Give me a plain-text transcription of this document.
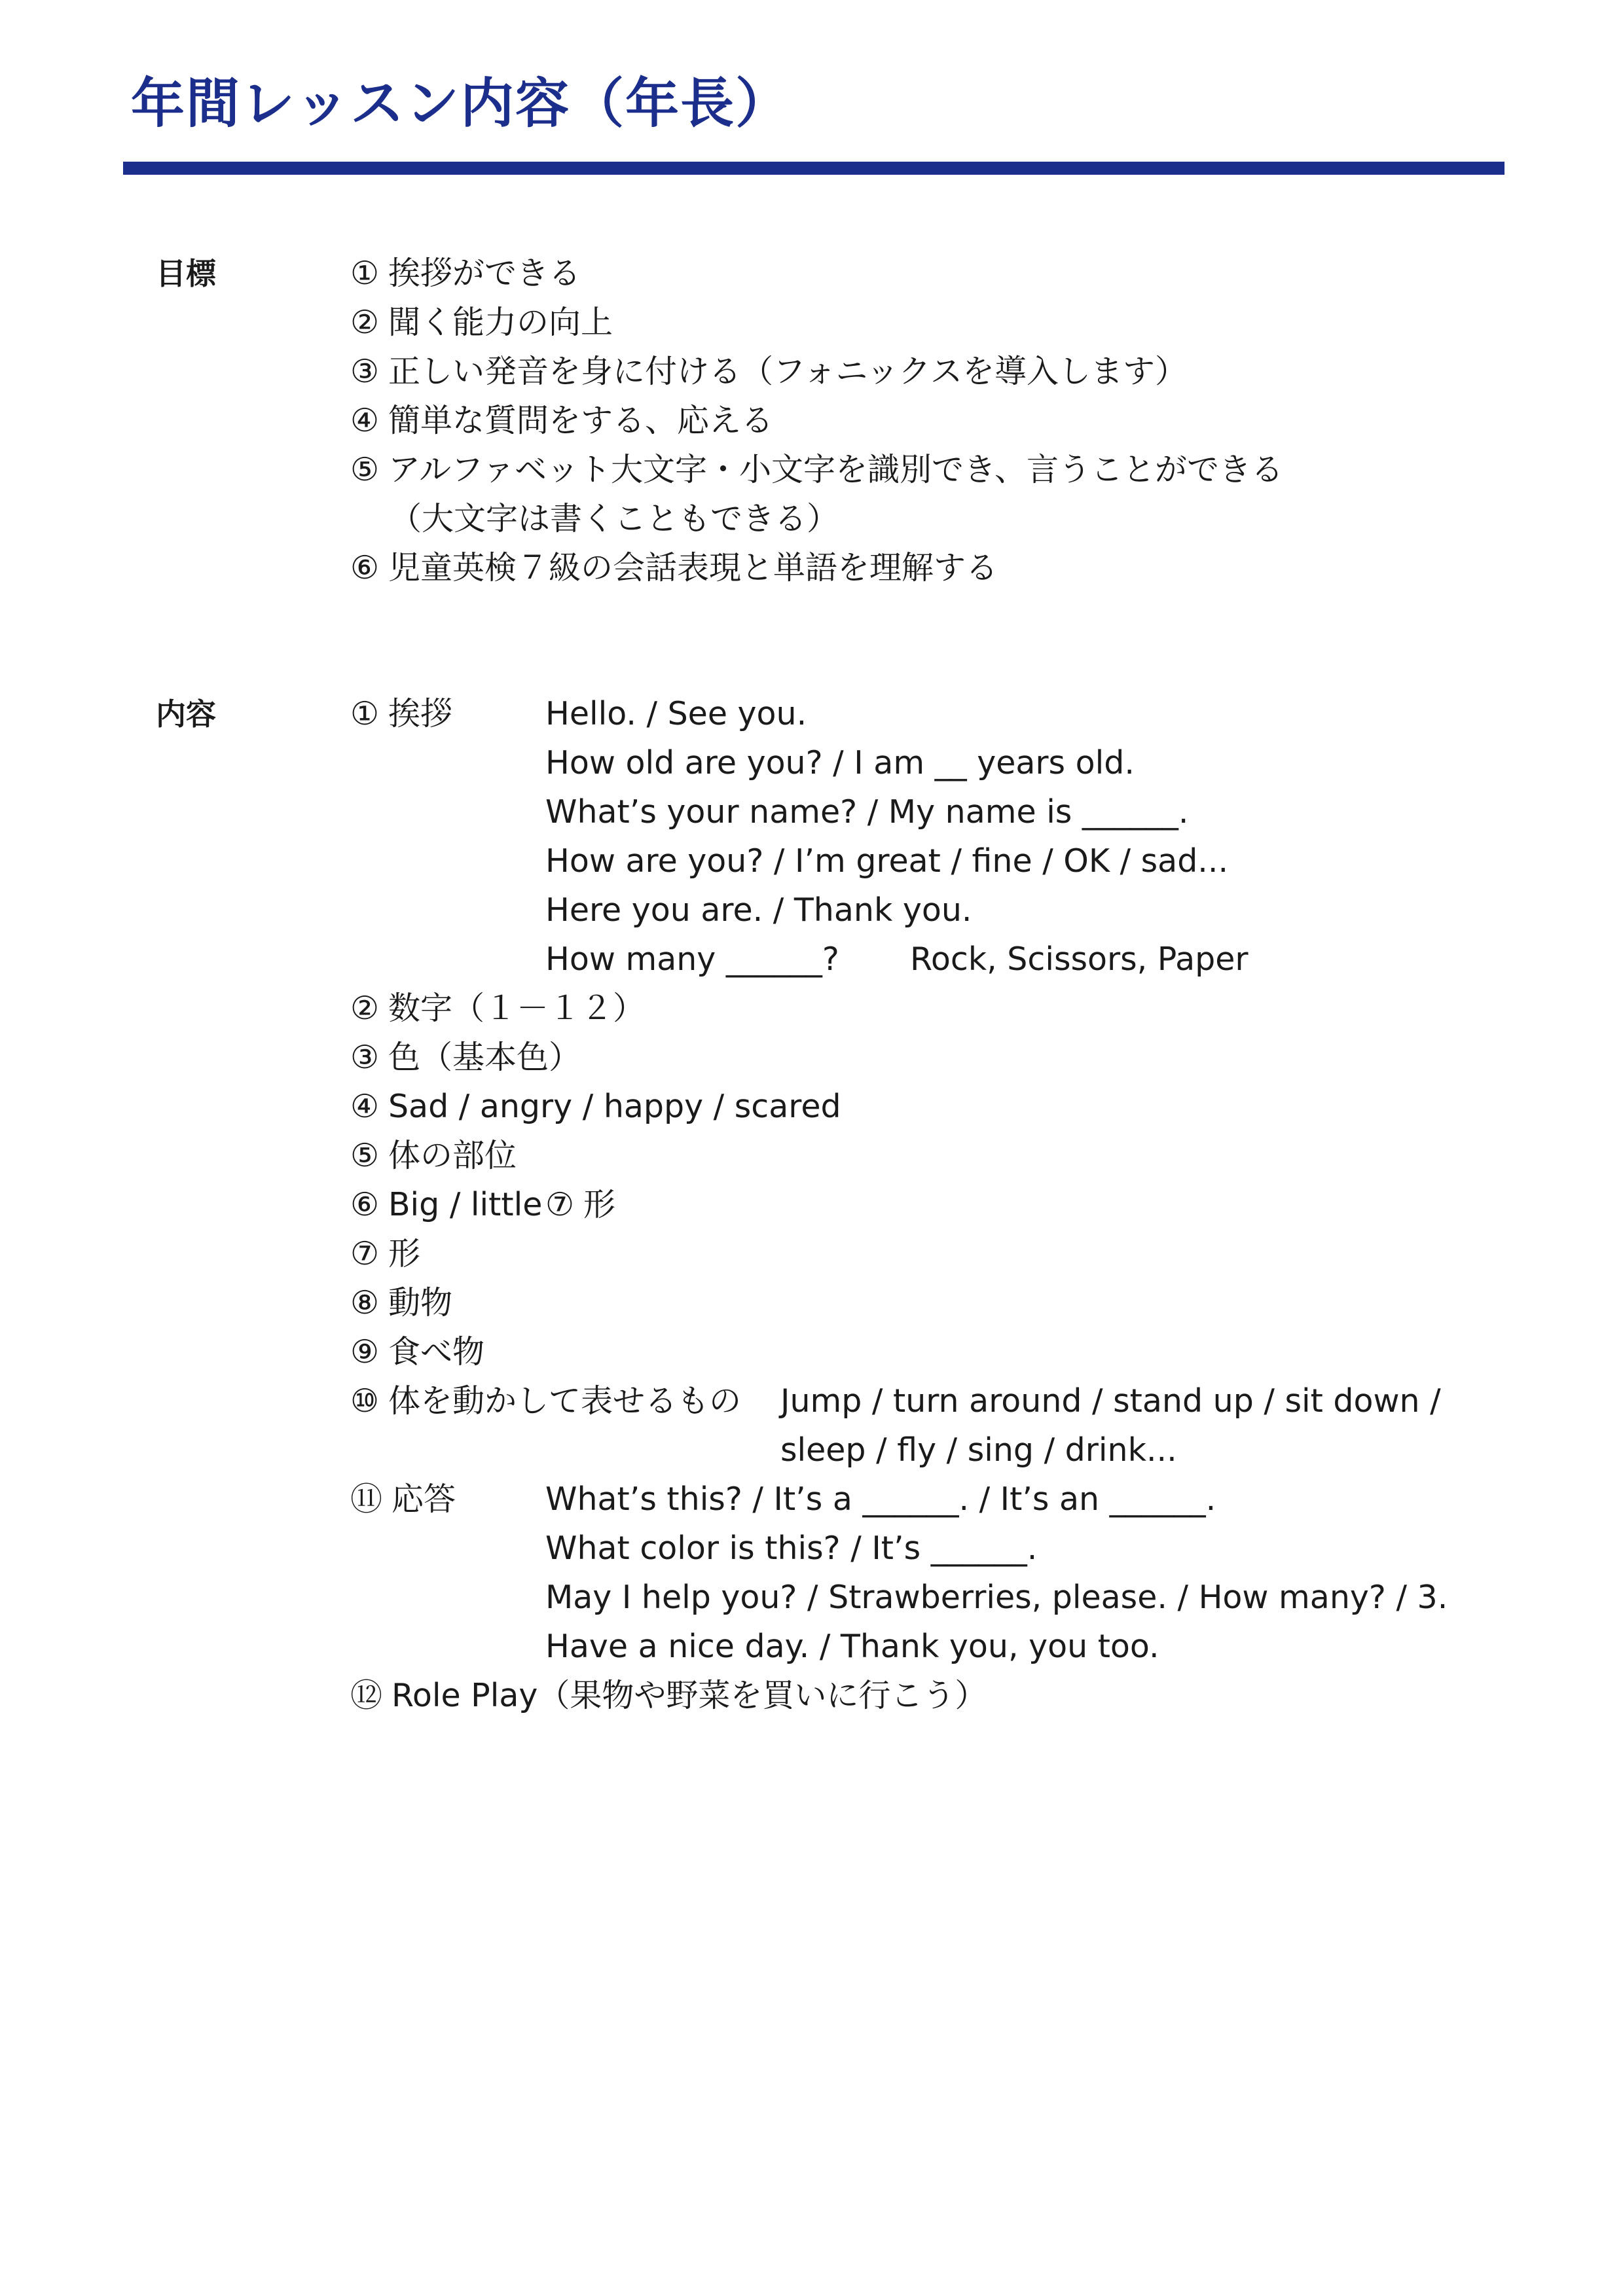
年間レッスン内容（年長）
目標	① 挨拶ができる
② 聞く能力の向上
③ 正しい発音を身に付ける（フォニックスを導入します）
④ 簡単な質問をする、応える
⑤ アルファベット大文字・小文字を識別でき、言うことができる
（大文字は書くこともできる）
⑥ 児童英検７級の会話表現と単語を理解する
内容	① 挨拶	Hello. / See you.
How old are you? / I am __ years old.
What’s your name? / My name is ______.
How are you? / I’m great / fine / OK / sad...
Here you are. / Thank you.
How many ______? Rock, Scissors, Paper
② 数字（１－１２）
③ 色（基本色）
④ Sad / angry / happy / scared
⑤ 体の部位
⑥ Big / little ⑦ 形
⑦ 形
⑧ 動物
⑨ 食べ物
⑩ 体を動かして表せるもの Jump / turn around / stand up / sit down /
sleep / fly / sing / drink...
⑪ 応答	What’s this? / It’s a ______. / It’s an ______.
What color is this? / It’s ______.
May I help you? / Strawberries, please. / How many? / 3.
Have a nice day. / Thank you, you too.
⑫ Role Play（果物や野菜を買いに行こう）
